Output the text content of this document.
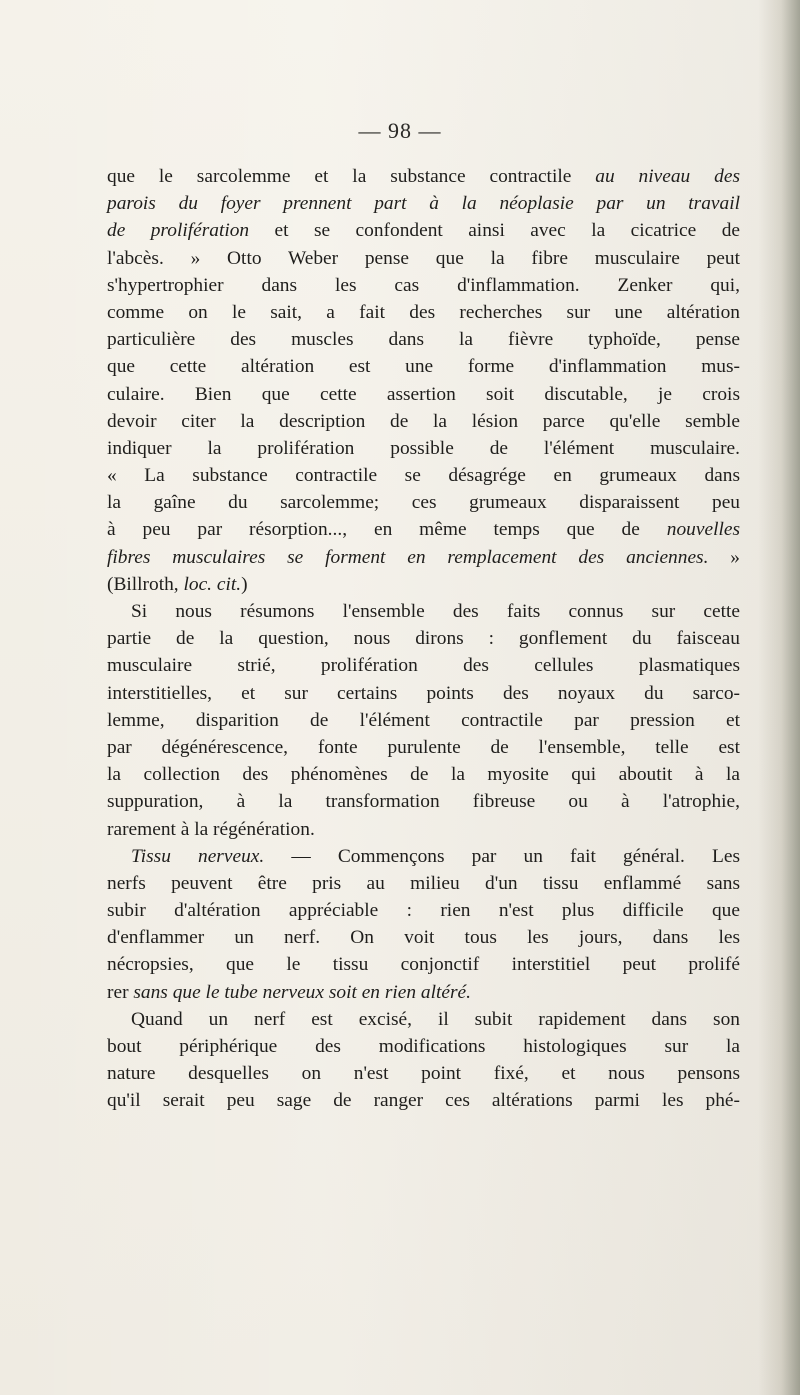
— 98 —
que le sarcolemme et la substance contractile au niveau des
parois du foyer prennent part à la néoplasie par un travail
de prolifération et se confondent ainsi avec la cicatrice de
l'abcès. » Otto Weber pense que la fibre musculaire peut
s'hypertrophier dans les cas d'inflammation. Zenker qui,
comme on le sait, a fait des recherches sur une altération
particulière des muscles dans la fièvre typhoïde, pense
que cette altération est une forme d'inflammation mus-
culaire. Bien que cette assertion soit discutable, je crois
devoir citer la description de la lésion parce qu'elle semble
indiquer la prolifération possible de l'élément musculaire.
« La substance contractile se désagrége en grumeaux dans
la gaîne du sarcolemme; ces grumeaux disparaissent peu
à peu par résorption..., en même temps que de nouvelles
fibres musculaires se forment en remplacement des anciennes. »
(Billroth, loc. cit.)
Si nous résumons l'ensemble des faits connus sur cette
partie de la question, nous dirons : gonflement du faisceau
musculaire strié, prolifération des cellules plasmatiques
interstitielles, et sur certains points des noyaux du sarco-
lemme, disparition de l'élément contractile par pression et
par dégénérescence, fonte purulente de l'ensemble, telle est
la collection des phénomènes de la myosite qui aboutit à la
suppuration, à la transformation fibreuse ou à l'atrophie,
rarement à la régénération.
Tissu nerveux. — Commençons par un fait général. Les
nerfs peuvent être pris au milieu d'un tissu enflammé sans
subir d'altération appréciable : rien n'est plus difficile que
d'enflammer un nerf. On voit tous les jours, dans les
nécropsies, que le tissu conjonctif interstitiel peut prolifé
rer sans que le tube nerveux soit en rien altéré.
Quand un nerf est excisé, il subit rapidement dans son
bout périphérique des modifications histologiques sur la
nature desquelles on n'est point fixé, et nous pensons
qu'il serait peu sage de ranger ces altérations parmi les phé-
